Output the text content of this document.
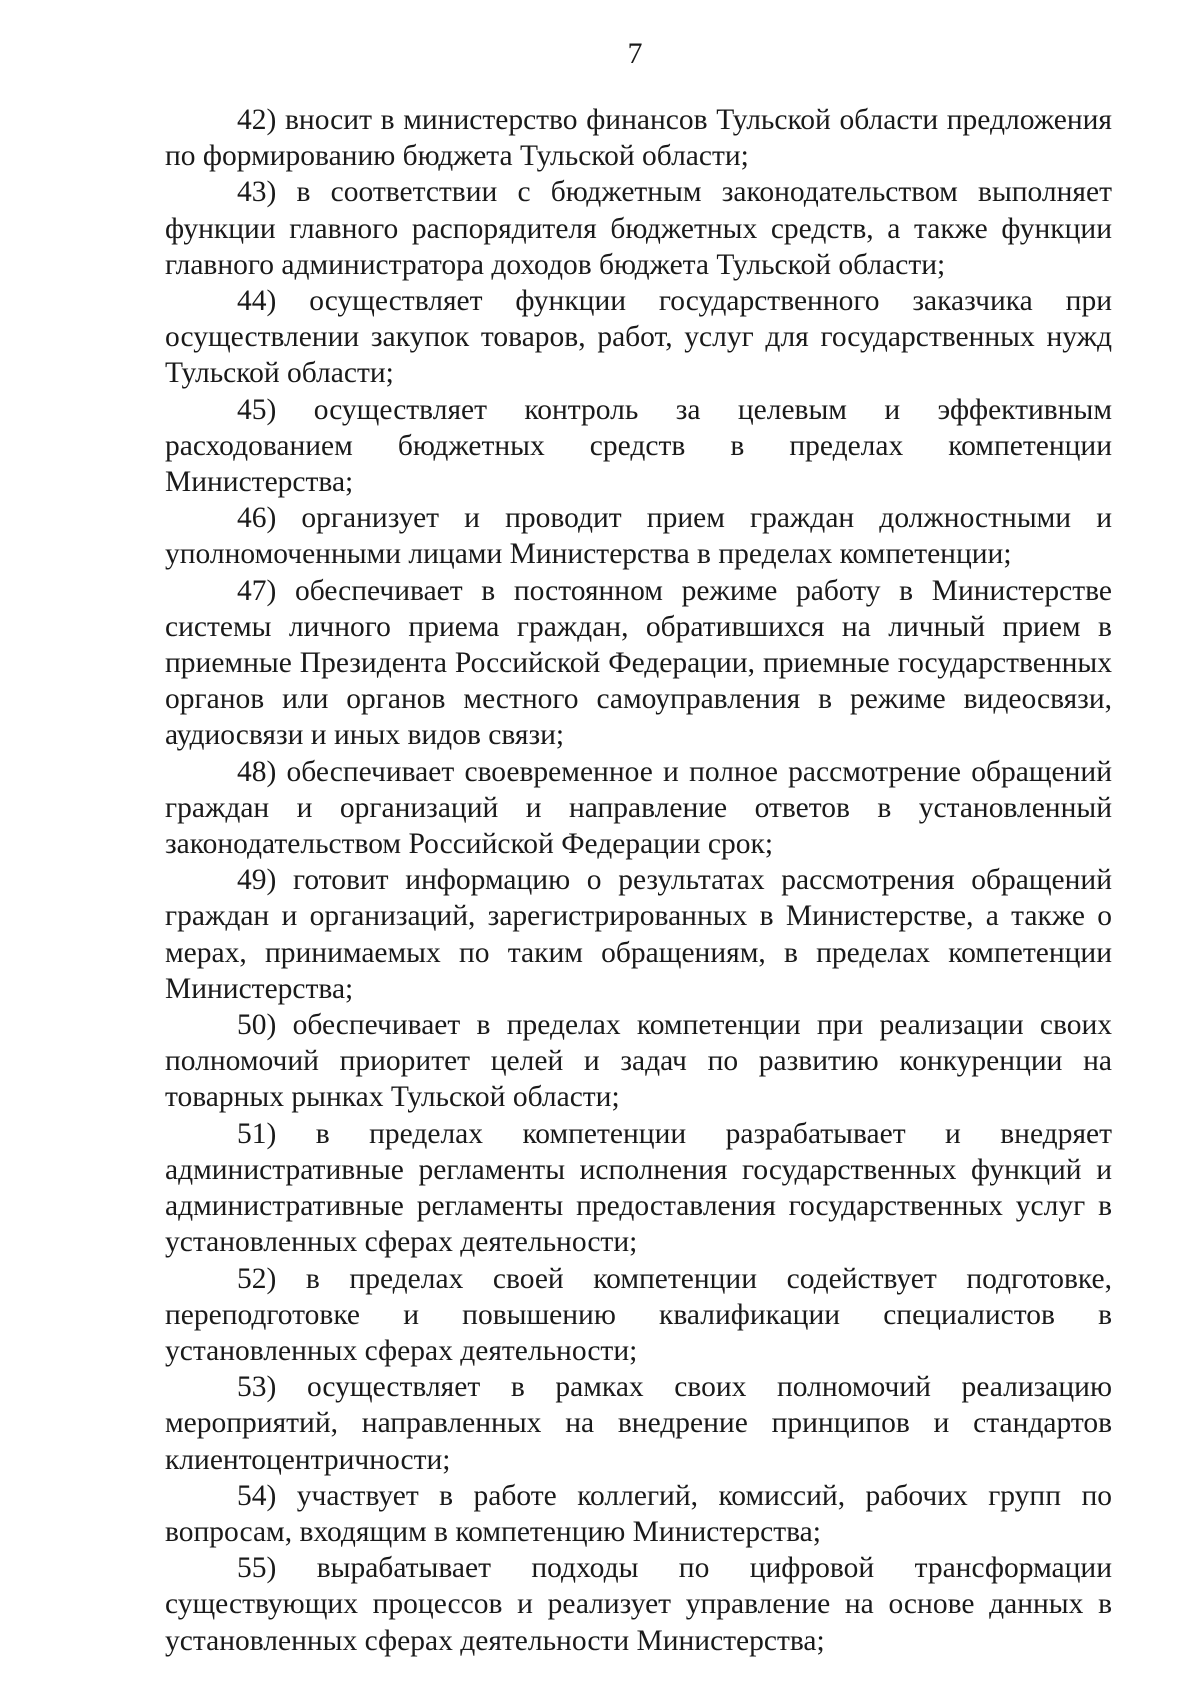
7

42) вносит в министерство финансов Тульской области предложения по формированию бюджета Тульской области;

43) в соответствии с бюджетным законодательством выполняет функции главного распорядителя бюджетных средств, а также функции главного администратора доходов бюджета Тульской области;

44) осуществляет функции государственного заказчика при осуществлении закупок товаров, работ, услуг для государственных нужд Тульской области;

45) осуществляет контроль за целевым и эффективным расходованием бюджетных средств в пределах компетенции Министерства;

46) организует и проводит прием граждан должностными и уполномоченными лицами Министерства в пределах компетенции;

47) обеспечивает в постоянном режиме работу в Министерстве системы личного приема граждан, обратившихся на личный прием в приемные Президента Российской Федерации, приемные государственных органов или органов местного самоуправления в режиме видеосвязи, аудиосвязи и иных видов связи;

48) обеспечивает своевременное и полное рассмотрение обращений граждан и организаций и направление ответов в установленный законодательством Российской Федерации срок;

49) готовит информацию о результатах рассмотрения обращений граждан и организаций, зарегистрированных в Министерстве, а также о мерах, принимаемых по таким обращениям, в пределах компетенции Министерства;

50) обеспечивает в пределах компетенции при реализации своих полномочий приоритет целей и задач по развитию конкуренции на товарных рынках Тульской области;

51) в пределах компетенции разрабатывает и внедряет административные регламенты исполнения государственных функций и административные регламенты предоставления государственных услуг в установленных сферах деятельности;

52) в пределах своей компетенции содействует подготовке, переподготовке и повышению квалификации специалистов в установленных сферах деятельности;

53) осуществляет в рамках своих полномочий реализацию мероприятий, направленных на внедрение принципов и стандартов клиентоцентричности;

54) участвует в работе коллегий, комиссий, рабочих групп по вопросам, входящим в компетенцию Министерства;

55) вырабатывает подходы по цифровой трансформации существующих процессов и реализует управление на основе данных в установленных сферах деятельности Министерства;
